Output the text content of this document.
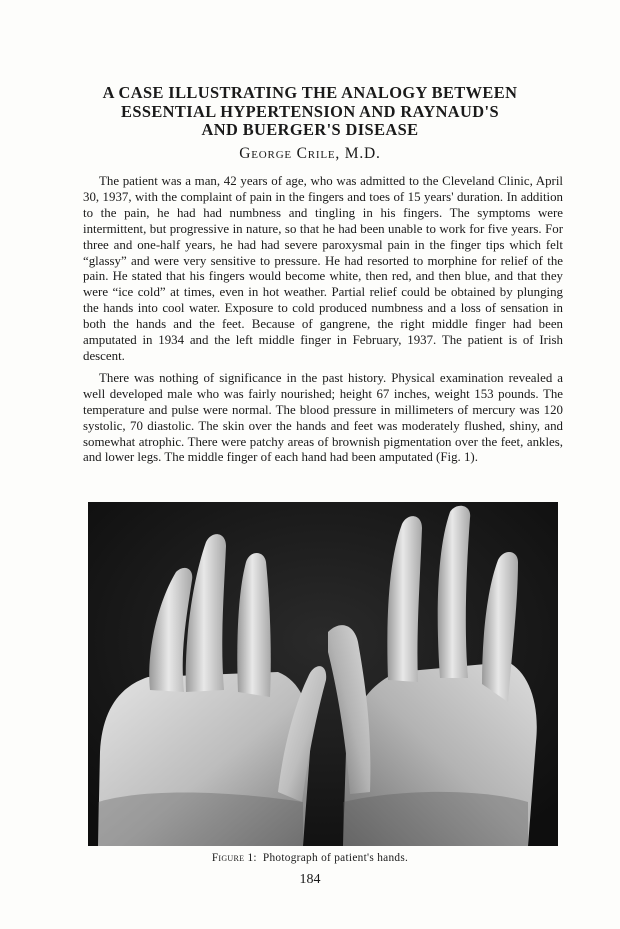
A CASE ILLUSTRATING THE ANALOGY BETWEEN
ESSENTIAL HYPERTENSION AND RAYNAUD'S
AND BUERGER'S DISEASE

George Crile, M.D.

The patient was a man, 42 years of age, who was admitted to the Cleveland Clinic, April 30, 1937, with the complaint of pain in the fingers and toes of 15 years' duration. In addition to the pain, he had had numbness and tingling in his fingers. The symptoms were intermittent, but progressive in nature, so that he had been unable to work for five years. For three and one-half years, he had had severe paroxysmal pain in the finger tips which felt “glassy” and were very sensitive to pressure. He had resorted to morphine for relief of the pain. He stated that his fingers would become white, then red, and then blue, and that they were “ice cold” at times, even in hot weather. Partial relief could be obtained by plunging the hands into cool water. Exposure to cold produced numbness and a loss of sensation in both the hands and the feet. Because of gangrene, the right middle finger had been amputated in 1934 and the left middle finger in February, 1937. The patient is of Irish descent.

There was nothing of significance in the past history. Physical examination revealed a well developed male who was fairly nourished; height 67 inches, weight 153 pounds. The temperature and pulse were normal. The blood pressure in millimeters of mercury was 120 systolic, 70 diastolic. The skin over the hands and feet was moderately flushed, shiny, and somewhat atrophic. There were patchy areas of brownish pigmentation over the feet, ankles, and lower legs. The middle finger of each hand had been amputated (Fig. 1).

Figure 1: Photograph of patient's hands.

184
